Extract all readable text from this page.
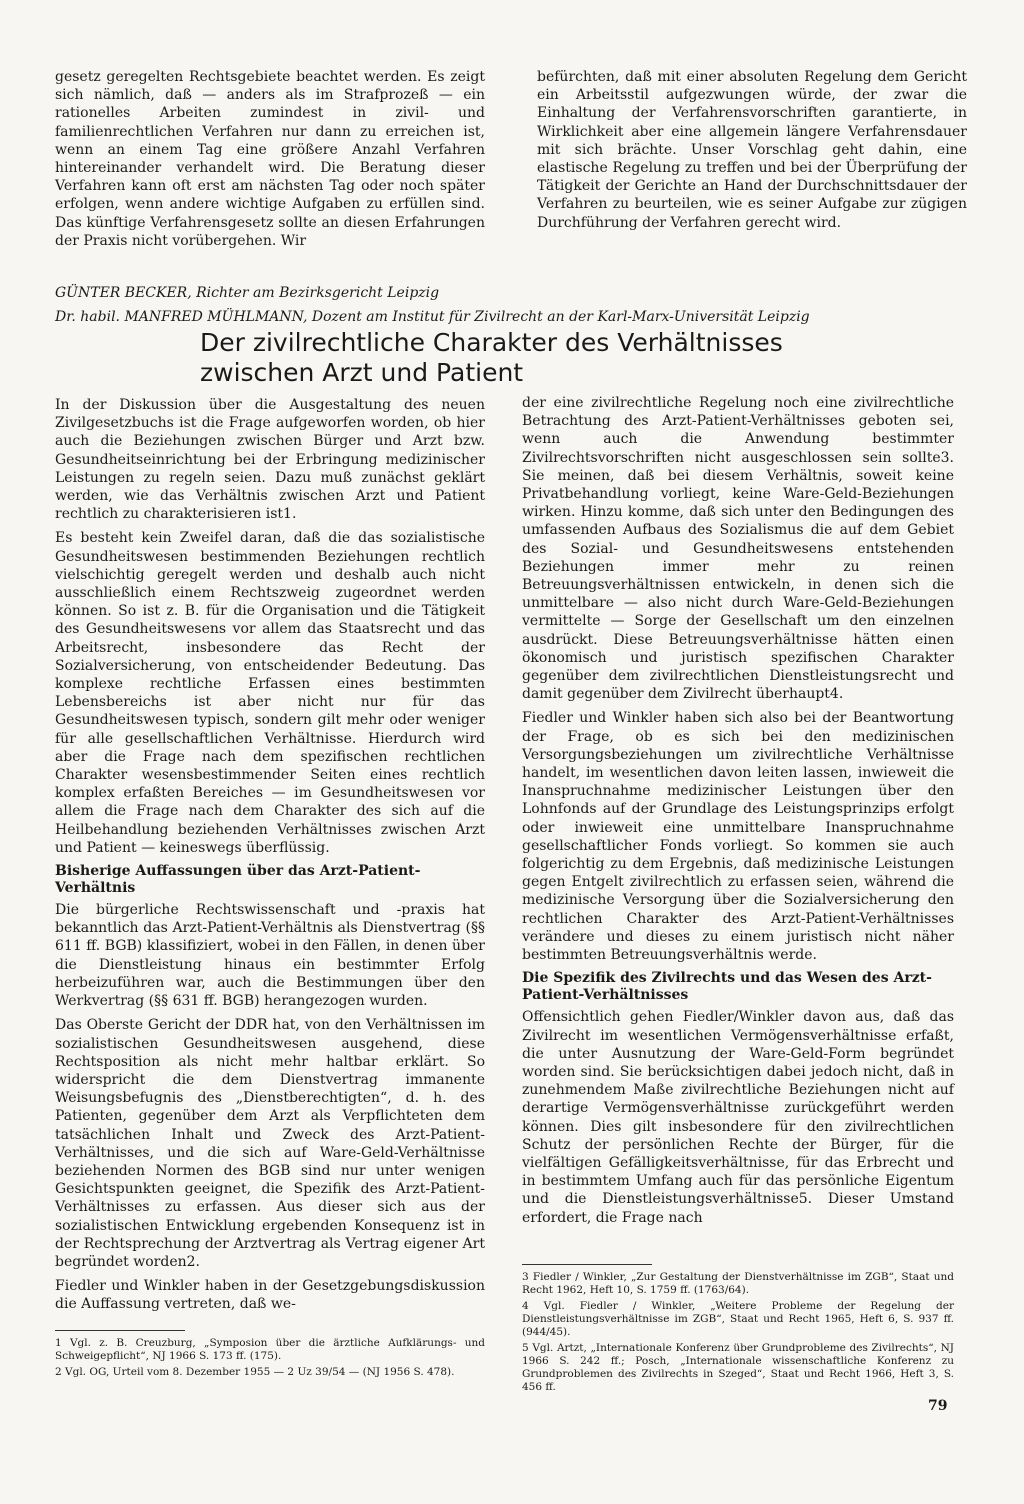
gesetz geregelten Rechtsgebiete beachtet werden. Es zeigt sich nämlich, daß — anders als im Strafprozeß — ein rationelles Arbeiten zumindest in zivil- und familienrechtlichen Verfahren nur dann zu erreichen ist, wenn an einem Tag eine größere Anzahl Verfahren hintereinander verhandelt wird. Die Beratung dieser Verfahren kann oft erst am nächsten Tag oder noch später erfolgen, wenn andere wichtige Aufgaben zu erfüllen sind. Das künftige Verfahrensgesetz sollte an diesen Erfahrungen der Praxis nicht vorübergehen. Wir

befürchten, daß mit einer absoluten Regelung dem Gericht ein Arbeitsstil aufgezwungen würde, der zwar die Einhaltung der Verfahrensvorschriften garantierte, in Wirklichkeit aber eine allgemein längere Verfahrensdauer mit sich brächte. Unser Vorschlag geht dahin, eine elastische Regelung zu treffen und bei der Überprüfung der Tätigkeit der Gerichte an Hand der Durchschnittsdauer der Verfahren zu beurteilen, wie es seiner Aufgabe zur zügigen Durchführung der Verfahren gerecht wird.

GÜNTER BECKER, Richter am Bezirksgericht Leipzig
Dr. habil. MANFRED MÜHLMANN, Dozent am Institut für Zivilrecht an der Karl-Marx-Universität Leipzig
Der zivilrechtliche Charakter des Verhältnisses
zwischen Arzt und Patient

In der Diskussion über die Ausgestaltung des neuen Zivilgesetzbuchs ist die Frage aufgeworfen worden, ob hier auch die Beziehungen zwischen Bürger und Arzt bzw. Gesundheitseinrichtung bei der Erbringung medizinischer Leistungen zu regeln seien. Dazu muß zunächst geklärt werden, wie das Verhältnis zwischen Arzt und Patient rechtlich zu charakterisieren ist1.

Es besteht kein Zweifel daran, daß die das sozialistische Gesundheitswesen bestimmenden Beziehungen rechtlich vielschichtig geregelt werden und deshalb auch nicht ausschließlich einem Rechtszweig zugeordnet werden können. So ist z. B. für die Organisation und die Tätigkeit des Gesundheitswesens vor allem das Staatsrecht und das Arbeitsrecht, insbesondere das Recht der Sozialversicherung, von entscheidender Bedeutung. Das komplexe rechtliche Erfassen eines bestimmten Lebensbereichs ist aber nicht nur für das Gesundheitswesen typisch, sondern gilt mehr oder weniger für alle gesellschaftlichen Verhältnisse. Hierdurch wird aber die Frage nach dem spezifischen rechtlichen Charakter wesensbestimmender Seiten eines rechtlich komplex erfaßten Bereiches — im Gesundheitswesen vor allem die Frage nach dem Charakter des sich auf die Heilbehandlung beziehenden Verhältnisses zwischen Arzt und Patient — keineswegs überflüssig.

Bisherige Auffassungen über das Arzt-Patient-Verhältnis

Die bürgerliche Rechtswissenschaft und -praxis hat bekanntlich das Arzt-Patient-Verhältnis als Dienstvertrag (§§ 611 ff. BGB) klassifiziert, wobei in den Fällen, in denen über die Dienstleistung hinaus ein bestimmter Erfolg herbeizuführen war, auch die Bestimmungen über den Werkvertrag (§§ 631 ff. BGB) herangezogen wurden.

Das Oberste Gericht der DDR hat, von den Verhältnissen im sozialistischen Gesundheitswesen ausgehend, diese Rechtsposition als nicht mehr haltbar erklärt. So widerspricht die dem Dienstvertrag immanente Weisungsbefugnis des „Dienstberechtigten“, d. h. des Patienten, gegenüber dem Arzt als Verpflichteten dem tatsächlichen Inhalt und Zweck des Arzt-Patient-Verhältnisses, und die sich auf Ware-Geld-Verhältnisse beziehenden Normen des BGB sind nur unter wenigen Gesichtspunkten geeignet, die Spezifik des Arzt-Patient-Verhältnisses zu erfassen. Aus dieser sich aus der sozialistischen Entwicklung ergebenden Konsequenz ist in der Rechtsprechung der Arztvertrag als Vertrag eigener Art begründet worden2.

Fiedler und Winkler haben in der Gesetzgebungsdiskussion die Auffassung vertreten, daß we-

1 Vgl. z. B. Creuzburg, „Symposion über die ärztliche Aufklärungs- und Schweigepflicht“, NJ 1966 S. 173 ff. (175).

2 Vgl. OG, Urteil vom 8. Dezember 1955 — 2 Uz 39/54 — (NJ 1956 S. 478).

der eine zivilrechtliche Regelung noch eine zivilrechtliche Betrachtung des Arzt-Patient-Verhältnisses geboten sei, wenn auch die Anwendung bestimmter Zivilrechtsvorschriften nicht ausgeschlossen sein sollte3. Sie meinen, daß bei diesem Verhältnis, soweit keine Privatbehandlung vorliegt, keine Ware-Geld-Beziehungen wirken. Hinzu komme, daß sich unter den Bedingungen des umfassenden Aufbaus des Sozialismus die auf dem Gebiet des Sozial- und Gesundheitswesens entstehenden Beziehungen immer mehr zu reinen Betreuungsverhältnissen entwickeln, in denen sich die unmittelbare — also nicht durch Ware-Geld-Beziehungen vermittelte — Sorge der Gesellschaft um den einzelnen ausdrückt. Diese Betreuungsverhältnisse hätten einen ökonomisch und juristisch spezifischen Charakter gegenüber dem zivilrechtlichen Dienstleistungsrecht und damit gegenüber dem Zivilrecht überhaupt4.

Fiedler und Winkler haben sich also bei der Beantwortung der Frage, ob es sich bei den medizinischen Versorgungsbeziehungen um zivilrechtliche Verhältnisse handelt, im wesentlichen davon leiten lassen, inwieweit die Inanspruchnahme medizinischer Leistungen über den Lohnfonds auf der Grundlage des Leistungsprinzips erfolgt oder inwieweit eine unmittelbare Inanspruchnahme gesellschaftlicher Fonds vorliegt. So kommen sie auch folgerichtig zu dem Ergebnis, daß medizinische Leistungen gegen Entgelt zivilrechtlich zu erfassen seien, während die medizinische Versorgung über die Sozialversicherung den rechtlichen Charakter des Arzt-Patient-Verhältnisses verändere und dieses zu einem juristisch nicht näher bestimmten Betreuungsverhältnis werde.

Die Spezifik des Zivilrechts und das Wesen des Arzt-Patient-Verhältnisses

Offensichtlich gehen Fiedler/Winkler davon aus, daß das Zivilrecht im wesentlichen Vermögensverhältnisse erfaßt, die unter Ausnutzung der Ware-Geld-Form begründet worden sind. Sie berücksichtigen dabei jedoch nicht, daß in zunehmendem Maße zivilrechtliche Beziehungen nicht auf derartige Vermögensverhältnisse zurückgeführt werden können. Dies gilt insbesondere für den zivilrechtlichen Schutz der persönlichen Rechte der Bürger, für die vielfältigen Gefälligkeitsverhältnisse, für das Erbrecht und in bestimmtem Umfang auch für das persönliche Eigentum und die Dienstleistungsverhältnisse5. Dieser Umstand erfordert, die Frage nach

3 Fiedler / Winkler, „Zur Gestaltung der Dienstverhältnisse im ZGB“, Staat und Recht 1962, Heft 10, S. 1759 ff. (1763/64).

4 Vgl. Fiedler / Winkler, „Weitere Probleme der Regelung der Dienstleistungsverhältnisse im ZGB“, Staat und Recht 1965, Heft 6, S. 937 ff. (944/45).

5 Vgl. Artzt, „Internationale Konferenz über Grundprobleme des Zivilrechts“, NJ 1966 S. 242 ff.; Posch, „Internationale wissenschaftliche Konferenz zu Grundproblemen des Zivilrechts in Szeged“, Staat und Recht 1966, Heft 3, S. 456 ff.

79
